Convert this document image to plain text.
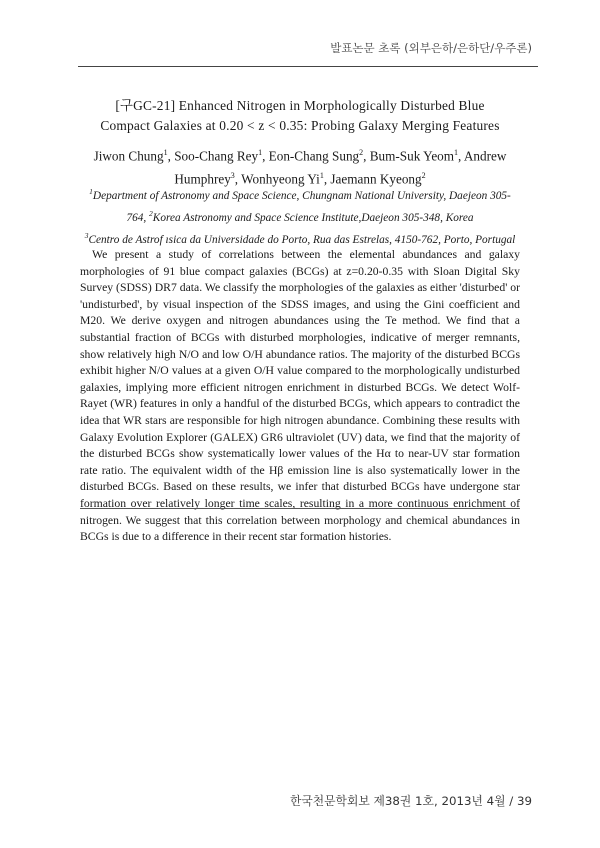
발표논문 초록 (외부은하/은하단/우주론)
[구GC-21] Enhanced Nitrogen in Morphologically Disturbed Blue
Compact Galaxies at 0.20 < z < 0.35: Probing Galaxy Merging Features
Jiwon Chung$^1$, Soo-Chang Rey$^1$, Eon-Chang Sung$^2$, Bum-Suk Yeom$^1$, Andrew Humphrey$^3$, Wonhyeong Yi$^1$, Jaemann Kyeong$^2$
$^1$Department of Astronomy and Space Science, Chungnam National University, Daejeon 305-764, $^2$Korea Astronomy and Space Science Institute,Daejeon 305-348, Korea
$^3$Centro de Astrof ısica da Universidade do Porto, Rua das Estrelas, 4150-762, Porto, Portugal
We present a study of correlations between the elemental abundances and galaxy morphologies of 91 blue compact galaxies (BCGs) at z=0.20-0.35 with Sloan Digital Sky Survey (SDSS) DR7 data. We classify the morphologies of the galaxies as either 'disturbed' or 'undisturbed', by visual inspection of the SDSS images, and using the Gini coefficient and M20. We derive oxygen and nitrogen abundances using the Te method. We find that a substantial fraction of BCGs with disturbed morphologies, indicative of merger remnants, show relatively high N/O and low O/H abundance ratios. The majority of the disturbed BCGs exhibit higher N/O values at a given O/H value compared to the morphologically undisturbed galaxies, implying more efficient nitrogen enrichment in disturbed BCGs. We detect Wolf-Rayet (WR) features in only a handful of the disturbed BCGs, which appears to contradict the idea that WR stars are responsible for high nitrogen abundance. Combining these results with Galaxy Evolution Explorer (GALEX) GR6 ultraviolet (UV) data, we find that the majority of the disturbed BCGs show systematically lower values of the Hα to near-UV star formation rate ratio. The equivalent width of the Hβ emission line is also systematically lower in the disturbed BCGs. Based on these results, we infer that disturbed BCGs have undergone star formation over relatively longer time scales, resulting in a more continuous enrichment of nitrogen. We suggest that this correlation between morphology and chemical abundances in BCGs is due to a difference in their recent star formation histories.
한국천문학회보 제38권 1호, 2013년 4월 / 39
